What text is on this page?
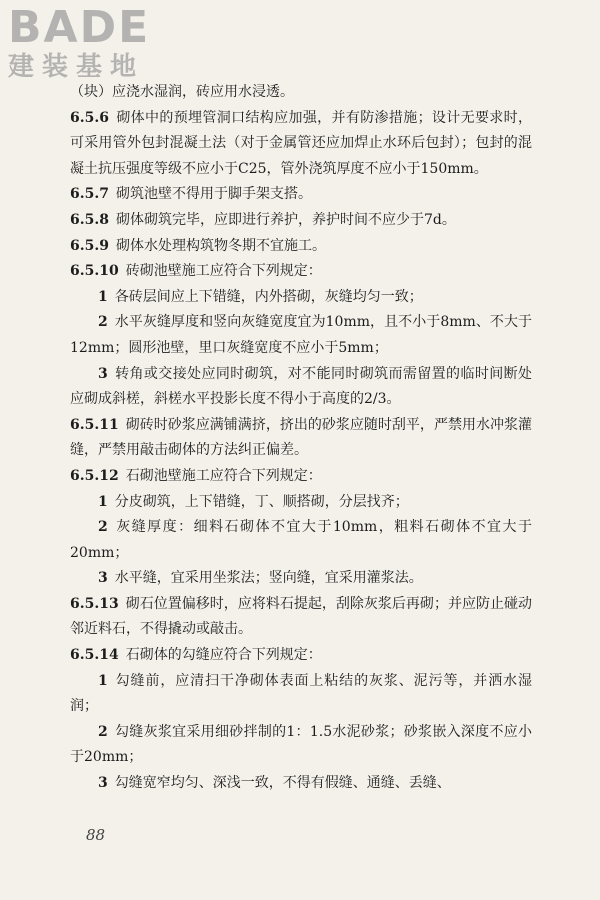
BADE
建装基地

（块）应浇水湿润，砖应用水浸透。

6.5.6  砌体中的预埋管洞口结构应加强，并有防渗措施；设计无要求时，可采用管外包封混凝土法（对于金属管还应加焊止水环后包封）；包封的混凝土抗压强度等级不应小于C25，管外浇筑厚度不应小于150mm。

6.5.7  砌筑池壁不得用于脚手架支搭。

6.5.8  砌体砌筑完毕，应即进行养护，养护时间不应少于7d。

6.5.9  砌体水处理构筑物冬期不宜施工。

6.5.10  砖砌池壁施工应符合下列规定：

1  各砖层间应上下错缝，内外搭砌，灰缝均匀一致；

2  水平灰缝厚度和竖向灰缝宽度宜为10mm，且不小于8mm、不大于12mm；圆形池壁，里口灰缝宽度不应小于5mm；

3  转角或交接处应同时砌筑，对不能同时砌筑而需留置的临时间断处应砌成斜槎，斜槎水平投影长度不得小于高度的2/3。

6.5.11  砌砖时砂浆应满铺满挤，挤出的砂浆应随时刮平，严禁用水冲浆灌缝，严禁用敲击砌体的方法纠正偏差。

6.5.12  石砌池壁施工应符合下列规定：

1  分皮砌筑，上下错缝，丁、顺搭砌，分层找齐；

2  灰缝厚度：细料石砌体不宜大于10mm，粗料石砌体不宜大于20mm；

3  水平缝，宜采用坐浆法；竖向缝，宜采用灌浆法。

6.5.13  砌石位置偏移时，应将料石提起，刮除灰浆后再砌；并应防止碰动邻近料石，不得撬动或敲击。

6.5.14  石砌体的勾缝应符合下列规定：

1  勾缝前，应清扫干净砌体表面上粘结的灰浆、泥污等，并洒水湿润；

2  勾缝灰浆宜采用细砂拌制的1：1.5水泥砂浆；砂浆嵌入深度不应小于20mm；

3  勾缝宽窄均匀、深浅一致，不得有假缝、通缝、丢缝、

88
